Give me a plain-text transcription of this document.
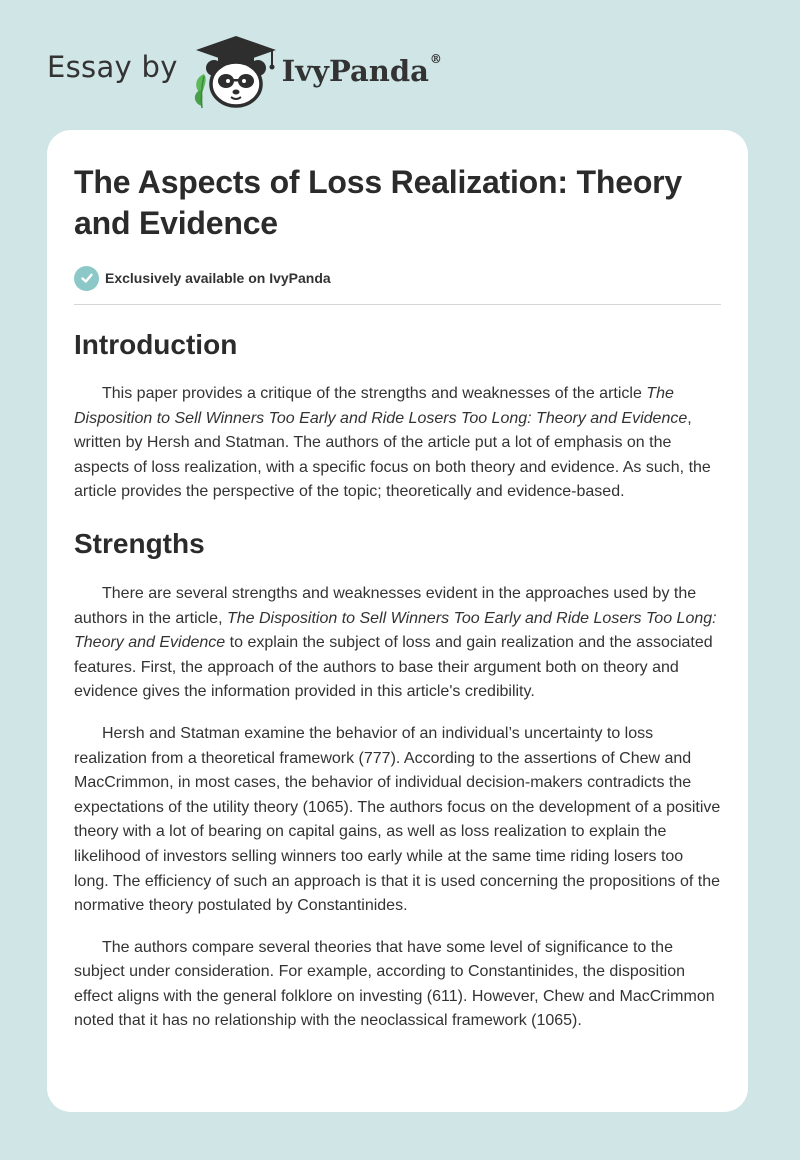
Essay by	IvyPanda ®
The Aspects of Loss Realization: Theory and Evidence
Exclusively available on IvyPanda
Introduction

This paper provides a critique of the strengths and weaknesses of the article The Disposition to Sell Winners Too Early and Ride Losers Too Long: Theory and Evidence, written by Hersh and Statman. The authors of the article put a lot of emphasis on the aspects of loss realization, with a specific focus on both theory and evidence. As such, the article provides the perspective of the topic; theoretically and evidence-based.

Strengths

There are several strengths and weaknesses evident in the approaches used by the authors in the article, The Disposition to Sell Winners Too Early and Ride Losers Too Long: Theory and Evidence to explain the subject of loss and gain realization and the associated features. First, the approach of the authors to base their argument both on theory and evidence gives the information provided in this article's credibility.

Hersh and Statman examine the behavior of an individual’s uncertainty to loss realization from a theoretical framework (777). According to the assertions of Chew and MacCrimmon, in most cases, the behavior of individual decision-makers contradicts the expectations of the utility theory (1065). The authors focus on the development of a positive theory with a lot of bearing on capital gains, as well as loss realization to explain the likelihood of investors selling winners too early while at the same time riding losers too long. The efficiency of such an approach is that it is used concerning the propositions of the normative theory postulated by Constantinides.

The authors compare several theories that have some level of significance to the subject under consideration. For example, according to Constantinides, the disposition effect aligns with the general folklore on investing (611). However, Chew and MacCrimmon noted that it has no relationship with the neoclassical framework (1065).
